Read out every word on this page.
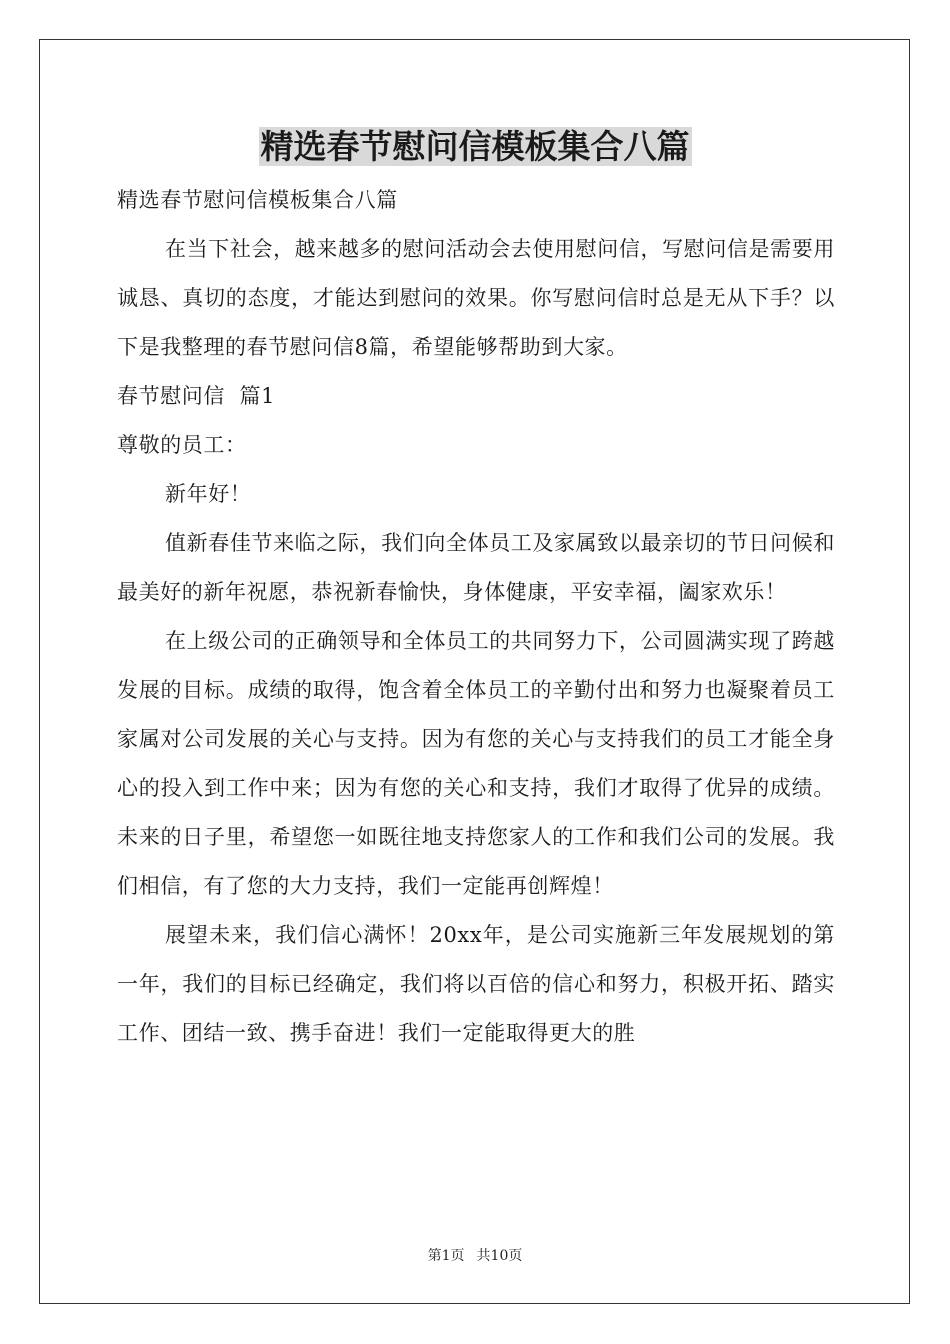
精选春节慰问信模板集合八篇

精选春节慰问信模板集合八篇

在当下社会，越来越多的慰问活动会去使用慰问信，写慰问信是需要用诚恳、真切的态度，才能达到慰问的效果。你写慰问信时总是无从下手？以下是我整理的春节慰问信8篇，希望能够帮助到大家。

春节慰问信  篇1

尊敬的员工：

新年好！

值新春佳节来临之际，我们向全体员工及家属致以最亲切的节日问候和最美好的新年祝愿，恭祝新春愉快，身体健康，平安幸福，阖家欢乐！

在上级公司的正确领导和全体员工的共同努力下，公司圆满实现了跨越发展的目标。成绩的取得，饱含着全体员工的辛勤付出和努力也凝聚着员工家属对公司发展的关心与支持。因为有您的关心与支持我们的员工才能全身心的投入到工作中来；因为有您的关心和支持，我们才取得了优异的成绩。未来的日子里，希望您一如既往地支持您家人的工作和我们公司的发展。我们相信，有了您的大力支持，我们一定能再创辉煌！

展望未来，我们信心满怀！20xx年，是公司实施新三年发展规划的第一年，我们的目标已经确定，我们将以百倍的信心和努力，积极开拓、踏实工作、团结一致、携手奋进！我们一定能取得更大的胜

第1页 共10页
